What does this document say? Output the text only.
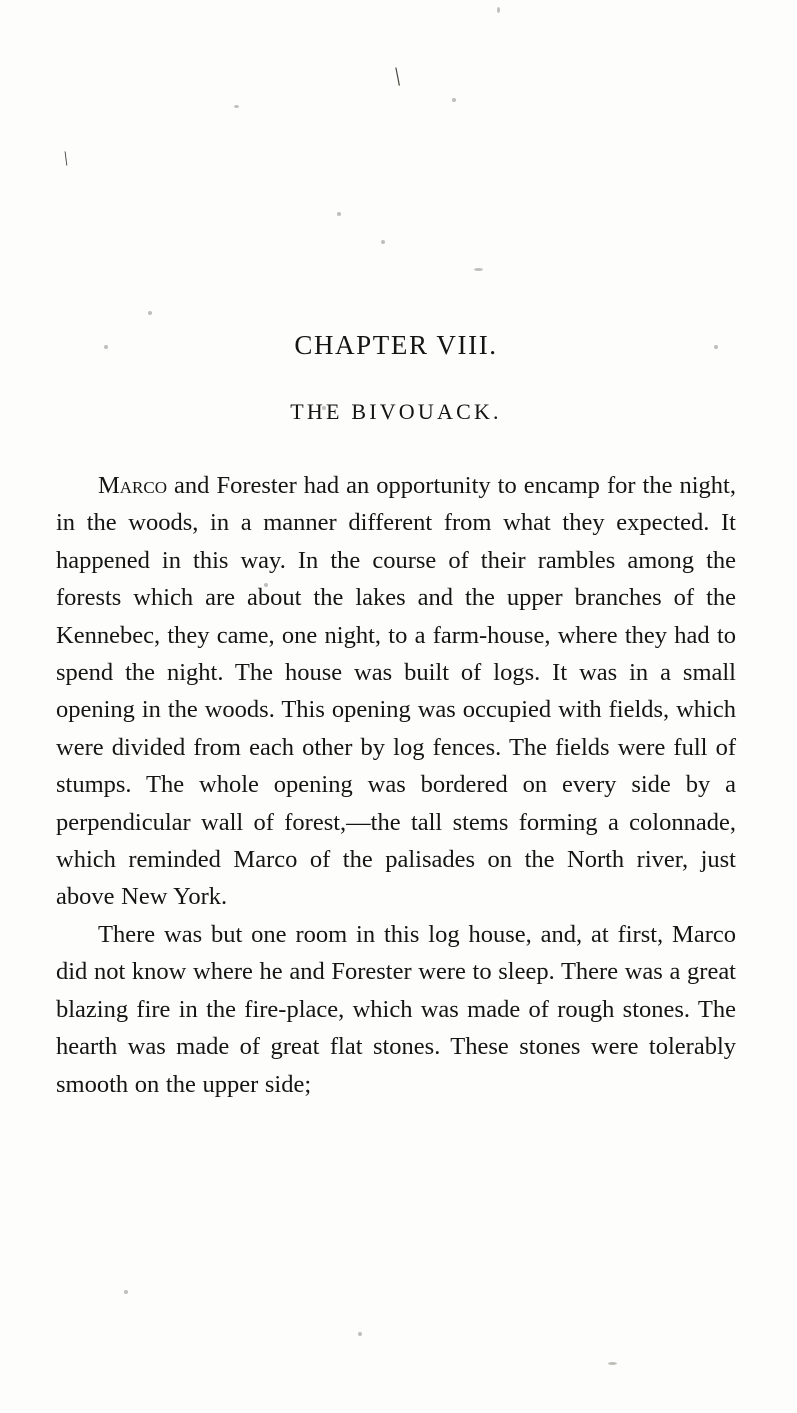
\
\
CHAPTER VIII.
THE BIVOUACK.

Marco and Forester had an opportunity to encamp for the night, in the woods, in a manner different from what they expected. It happened in this way. In the course of their rambles among the forests which are about the lakes and the upper branches of the Kennebec, they came, one night, to a farm-house, where they had to spend the night. The house was built of logs. It was in a small opening in the woods. This opening was occupied with fields, which were divided from each other by log fences. The fields were full of stumps. The whole opening was bordered on every side by a perpendicular wall of forest,—the tall stems forming a colonnade, which reminded Marco of the palisades on the North river, just above New York.

There was but one room in this log house, and, at first, Marco did not know where he and Forester were to sleep. There was a great blazing fire in the fire-place, which was made of rough stones. The hearth was made of great flat stones. These stones were tolerably smooth on the upper side;
